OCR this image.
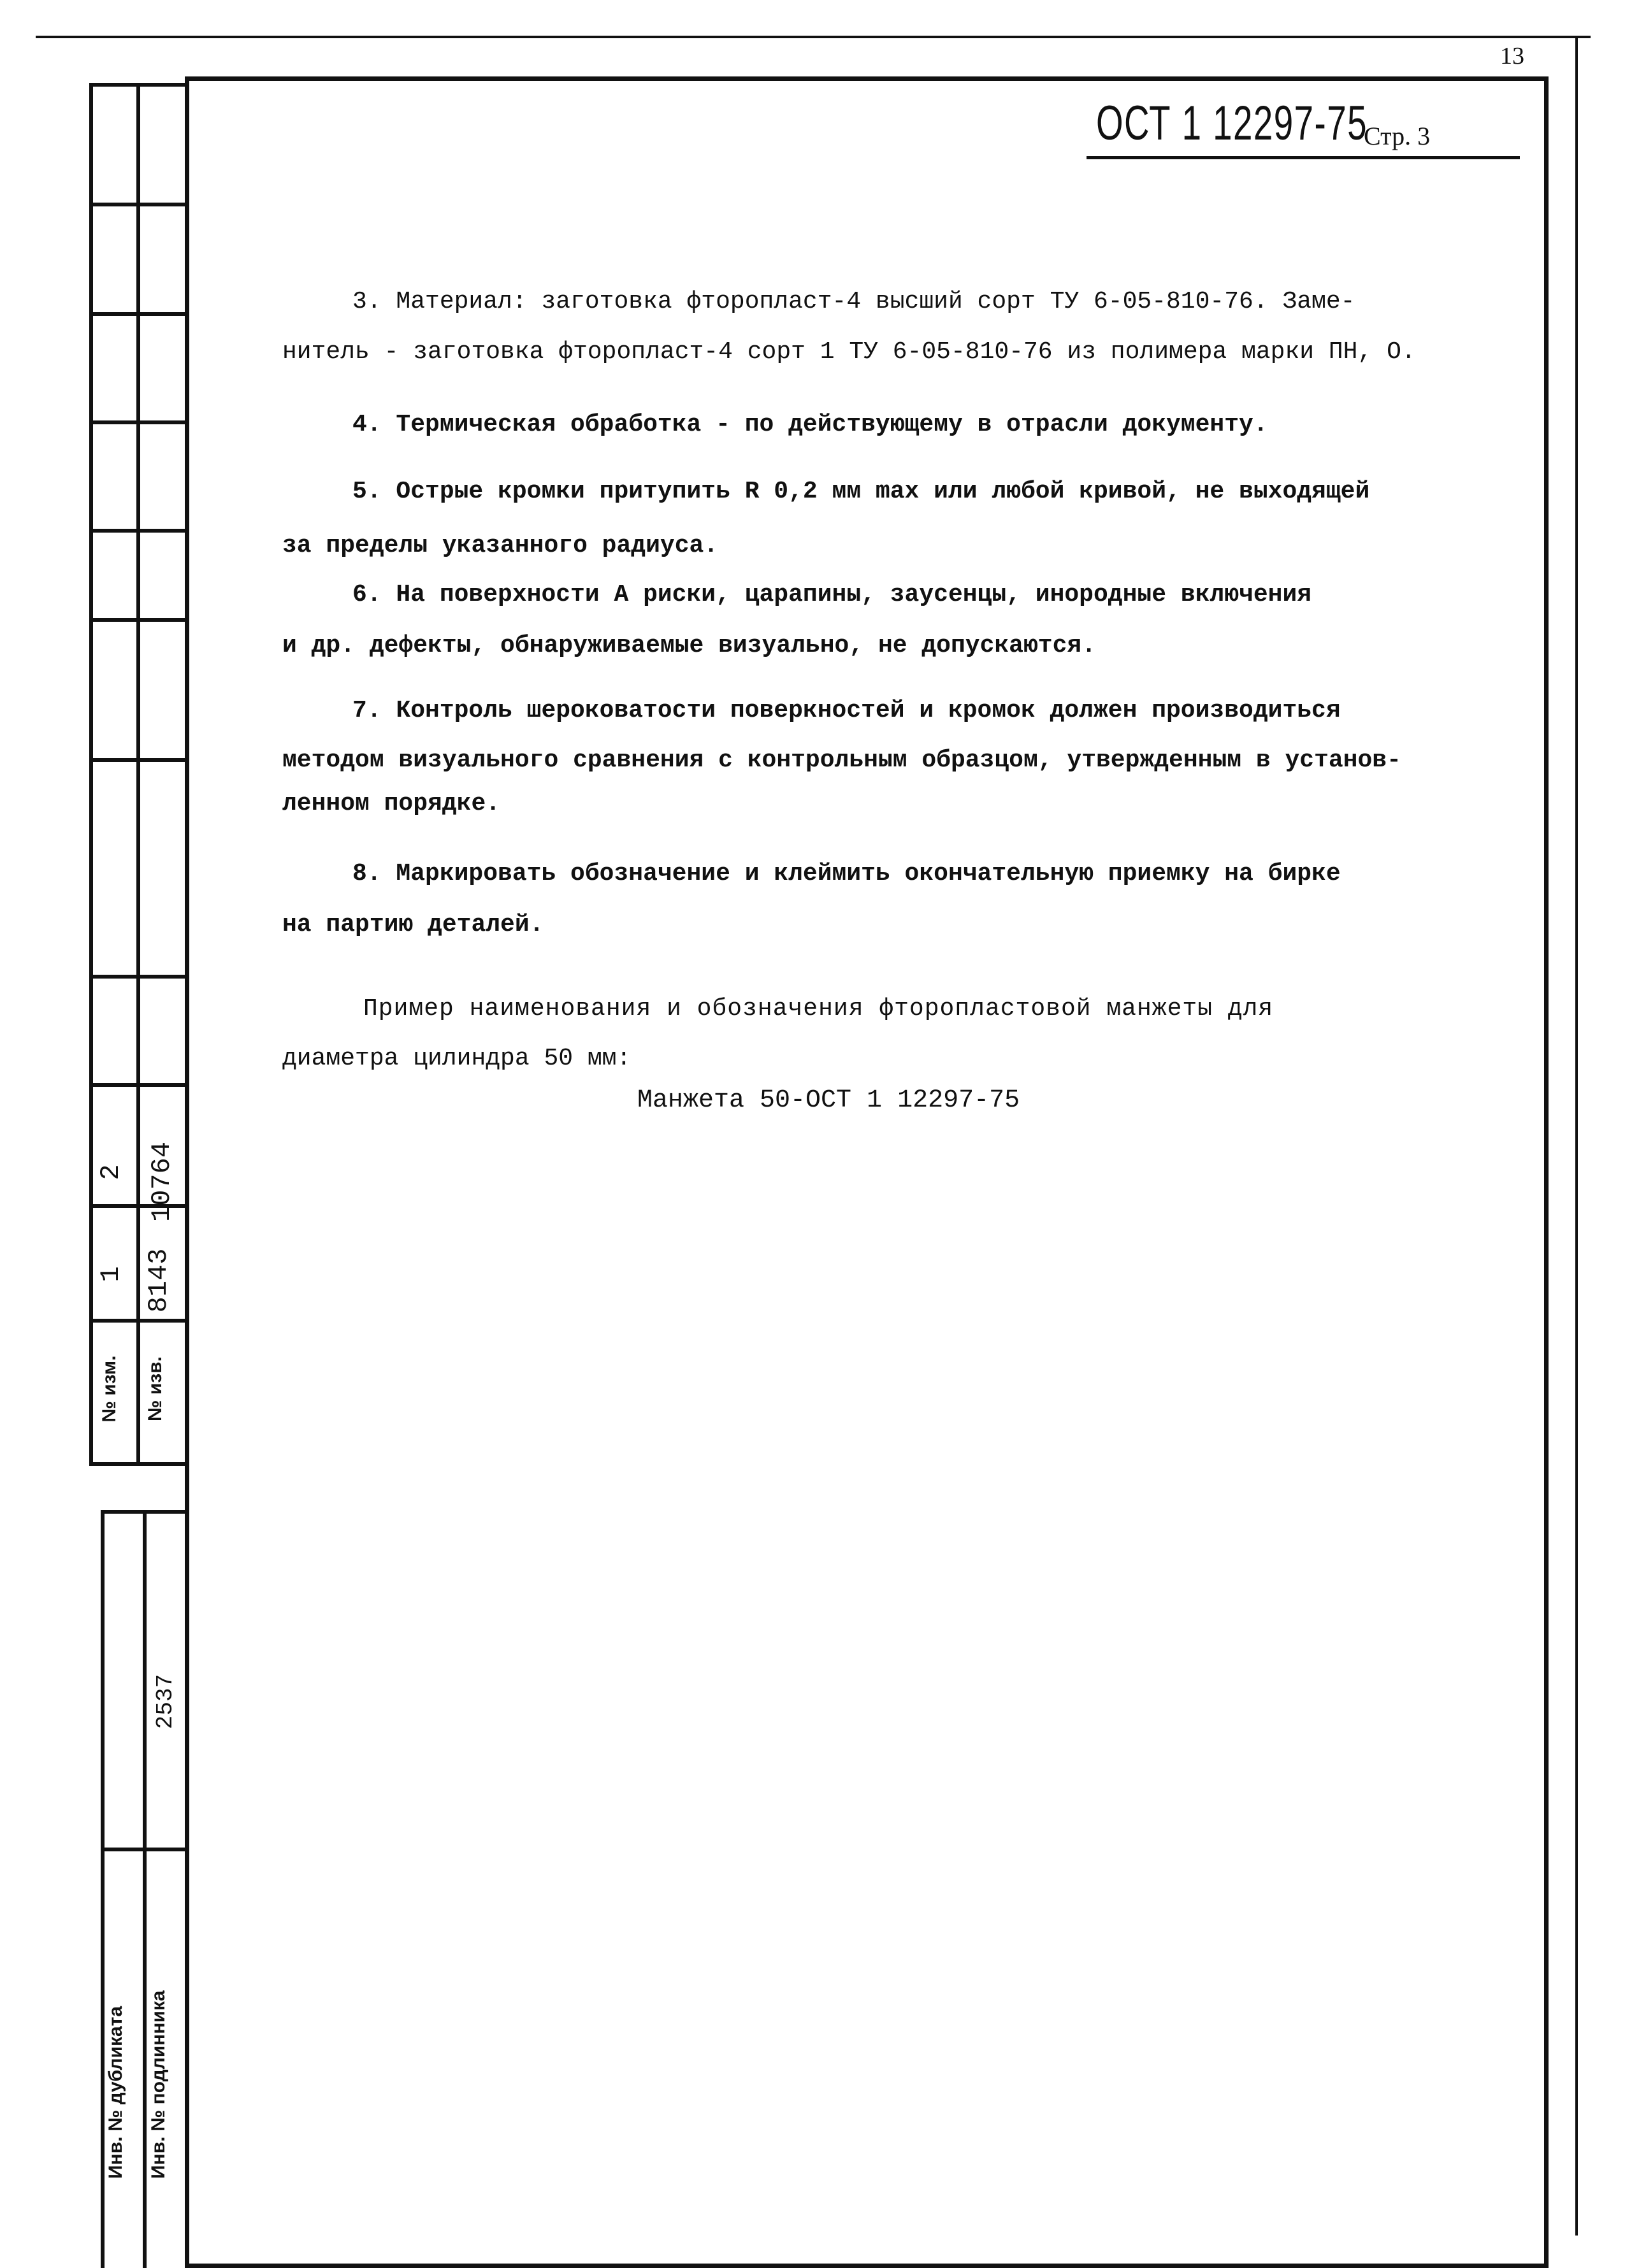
13
2 10764
1 8143
№ изм. № изв.
2537
Инв. № дубликата Инв. № подлинника
ОСТ 1 12297-75
Стр. 3
3. Материал: заготовка фторопласт-4 высший сорт ТУ 6-05-810-76. Заме-
нитель - заготовка фторопласт-4 сорт 1 ТУ 6-05-810-76 из полимера марки ПН, О.
4. Термическая обработка - по действующему в отрасли документу.
5. Острые кромки притупить R 0,2 мм max или любой кривой, не выходящей
за пределы указанного радиуса.
6. На поверхности А риски, царапины, заусенцы, инородные включения
и др. дефекты, обнаруживаемые визуально, не допускаются.
7. Контроль шероковатости поверкностей и кромок должен производиться
методом визуального сравнения с контрольным образцом, утвержденным в установ-
ленном порядке.
8. Маркировать обозначение и клеймить окончательную приемку на бирке
на партию деталей.
Пример наименования и обозначения фторопластовой манжеты для
диаметра цилиндра 50 мм:
Манжета 50-ОСТ 1 12297-75
